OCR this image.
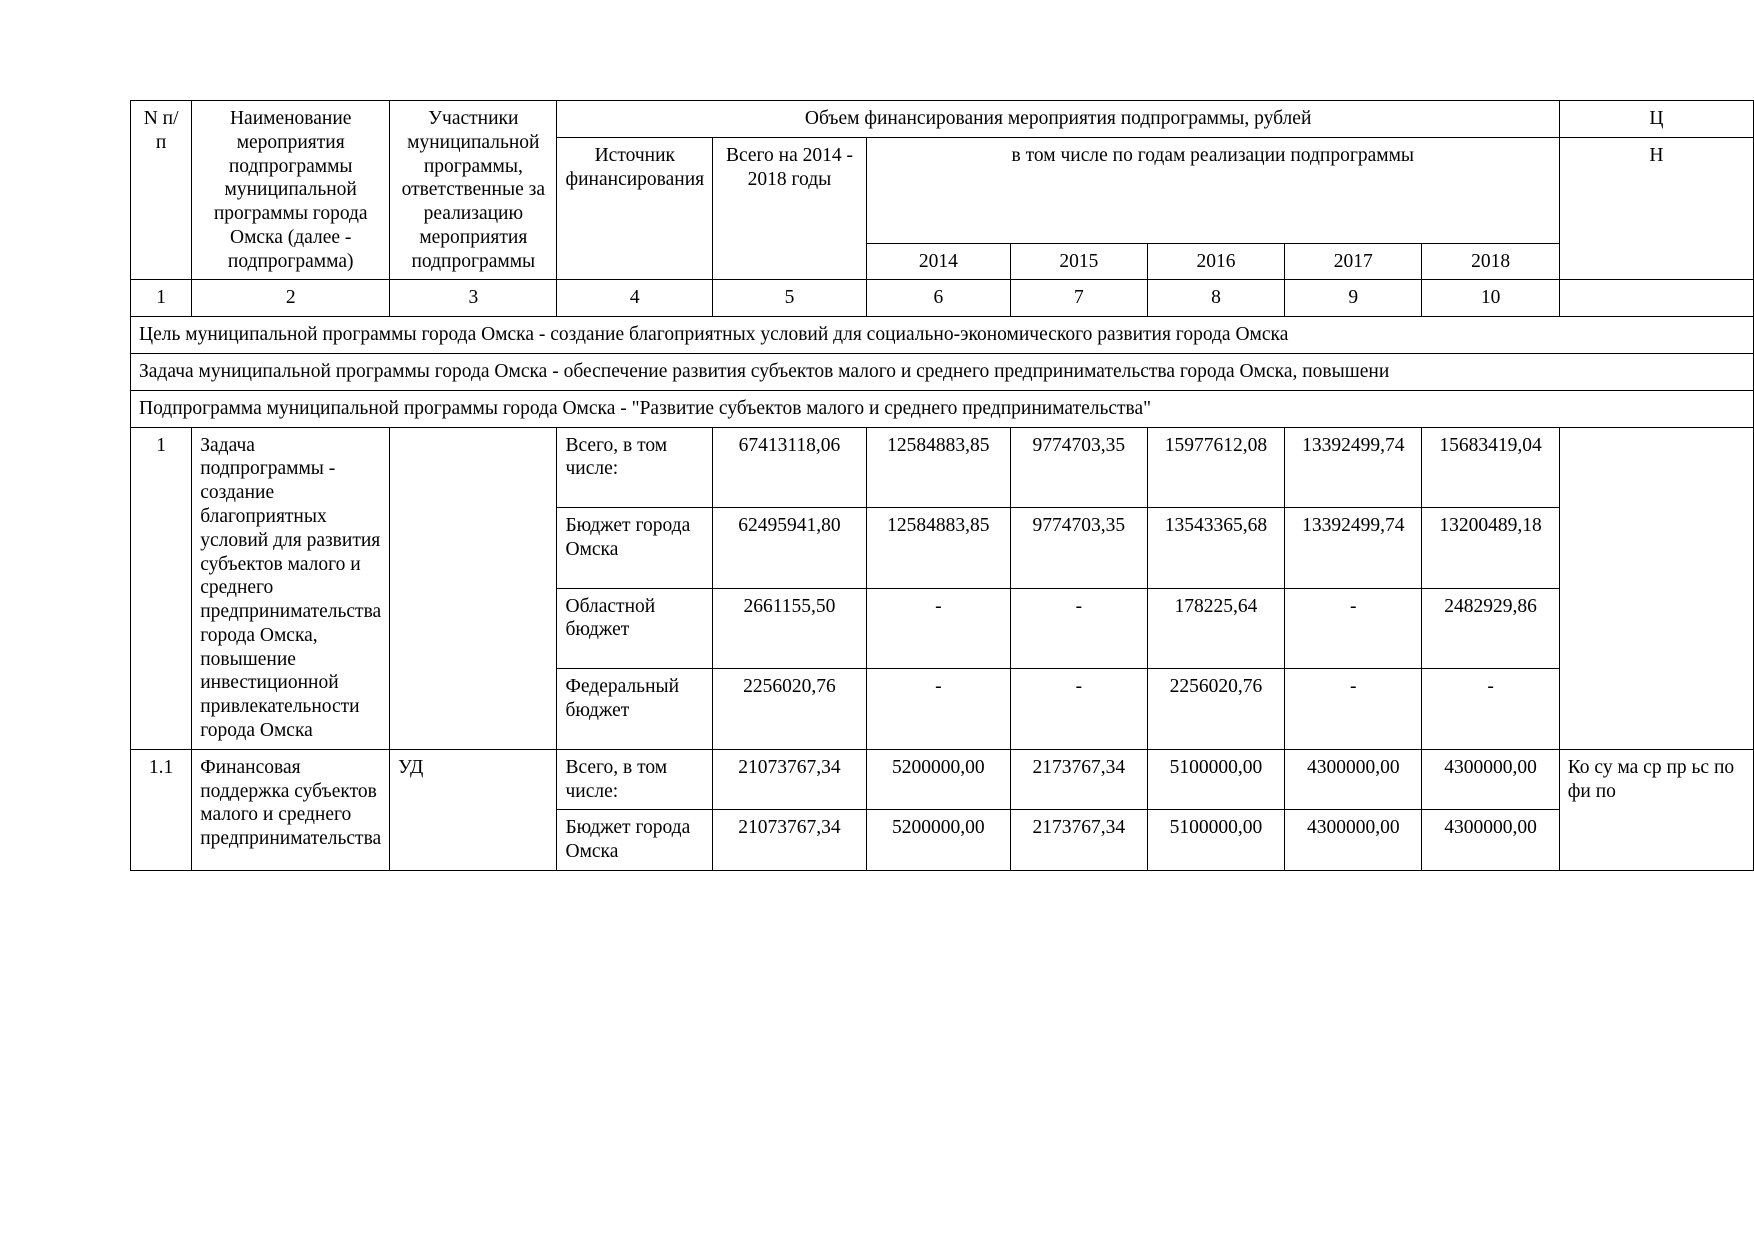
N п/п	Наименование мероприятия подпрограммы муниципальной программы города Омска (далее - подпрограмма)	Участники муниципальной программы, ответственные за реализацию мероприятия подпрограммы	Объем финансирования мероприятия подпрограммы, рублей							Ц
			Источник финансирования	Всего на 2014 - 2018 годы	в том числе по годам реализации подпрограммы					Н
					2014	2015	2016	2017	2018	
1	2	3	4	5	6	7	8	9	10	
Цель муниципальной программы города Омска - создание благоприятных условий для социально-экономического развития города Омска										
Задача муниципальной программы города Омска - обеспечение развития субъектов малого и среднего предпринимательства города Омска, повышени										
Подпрограмма муниципальной программы города Омска - "Развитие субъектов малого и среднего предпринимательства"										
1	Задача подпрограммы - создание благоприятных условий для развития субъектов малого и среднего предпринимательства города Омска, повышение инвестиционной привлекательности города Омска		Всего, в том числе:	67413118,06	12584883,85	9774703,35	15977612,08	13392499,74	15683419,04	
			Бюджет города Омска	62495941,80	12584883,85	9774703,35	13543365,68	13392499,74	13200489,18	
			Областной бюджет	2661155,50	-	-	178225,64	-	2482929,86	
			Федеральный бюджет	2256020,76	-	-	2256020,76	-	-	
1.1	Финансовая поддержка субъектов малого и среднего предпринимательства	УД	Всего, в том числе:	21073767,34	5200000,00	2173767,34	5100000,00	4300000,00	4300000,00	Ко су ма ср пр ьс по фи по
			Бюджет города Омска	21073767,34	5200000,00	2173767,34	5100000,00	4300000,00	4300000,00	
